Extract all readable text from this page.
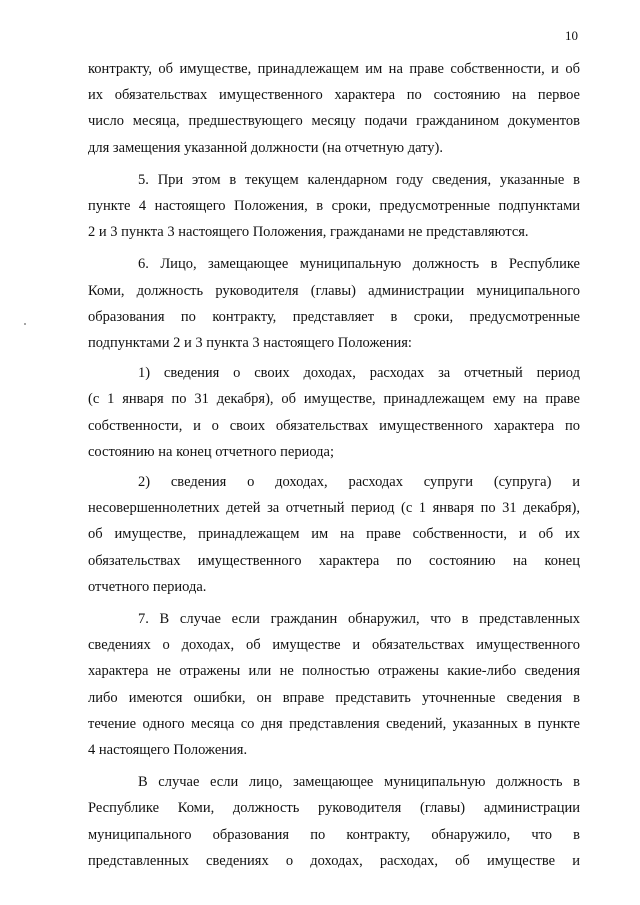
10
контракту, об имуществе, принадлежащем им на праве собственности, и об
их обязательствах имущественного характера по состоянию на первое
число месяца, предшествующего месяцу подачи гражданином документов
для замещения указанной должности (на отчетную дату).
5. При этом в текущем календарном году сведения, указанные в
пункте 4 настоящего Положения, в сроки, предусмотренные подпунктами
2 и 3 пункта 3 настоящего Положения, гражданами не представляются.
6. Лицо, замещающее муниципальную должность в Республике
Коми, должность руководителя (главы) администрации муниципального
образования по контракту, представляет в сроки, предусмотренные
подпунктами 2 и 3 пункта 3 настоящего Положения:
1) сведения о своих доходах, расходах за отчетный период
(с 1 января по 31 декабря), об имуществе, принадлежащем ему на праве
собственности, и о своих обязательствах имущественного характера по
состоянию на конец отчетного периода;
2) сведения о доходах, расходах супруги (супруга) и
несовершеннолетних детей за отчетный период (с 1 января по 31 декабря),
об имуществе, принадлежащем им на праве собственности, и об их
обязательствах имущественного характера по состоянию на конец
отчетного периода.
7. В случае если гражданин обнаружил, что в представленных
сведениях о доходах, об имуществе и обязательствах имущественного
характера не отражены или не полностью отражены какие-либо сведения
либо имеются ошибки, он вправе представить уточненные сведения в
течение одного месяца со дня представления сведений, указанных в пункте
4 настоящего Положения.
В случае если лицо, замещающее муниципальную должность в
Республике Коми, должность руководителя (главы) администрации
муниципального образования по контракту, обнаружило, что в
представленных сведениях о доходах, расходах, об имуществе и
